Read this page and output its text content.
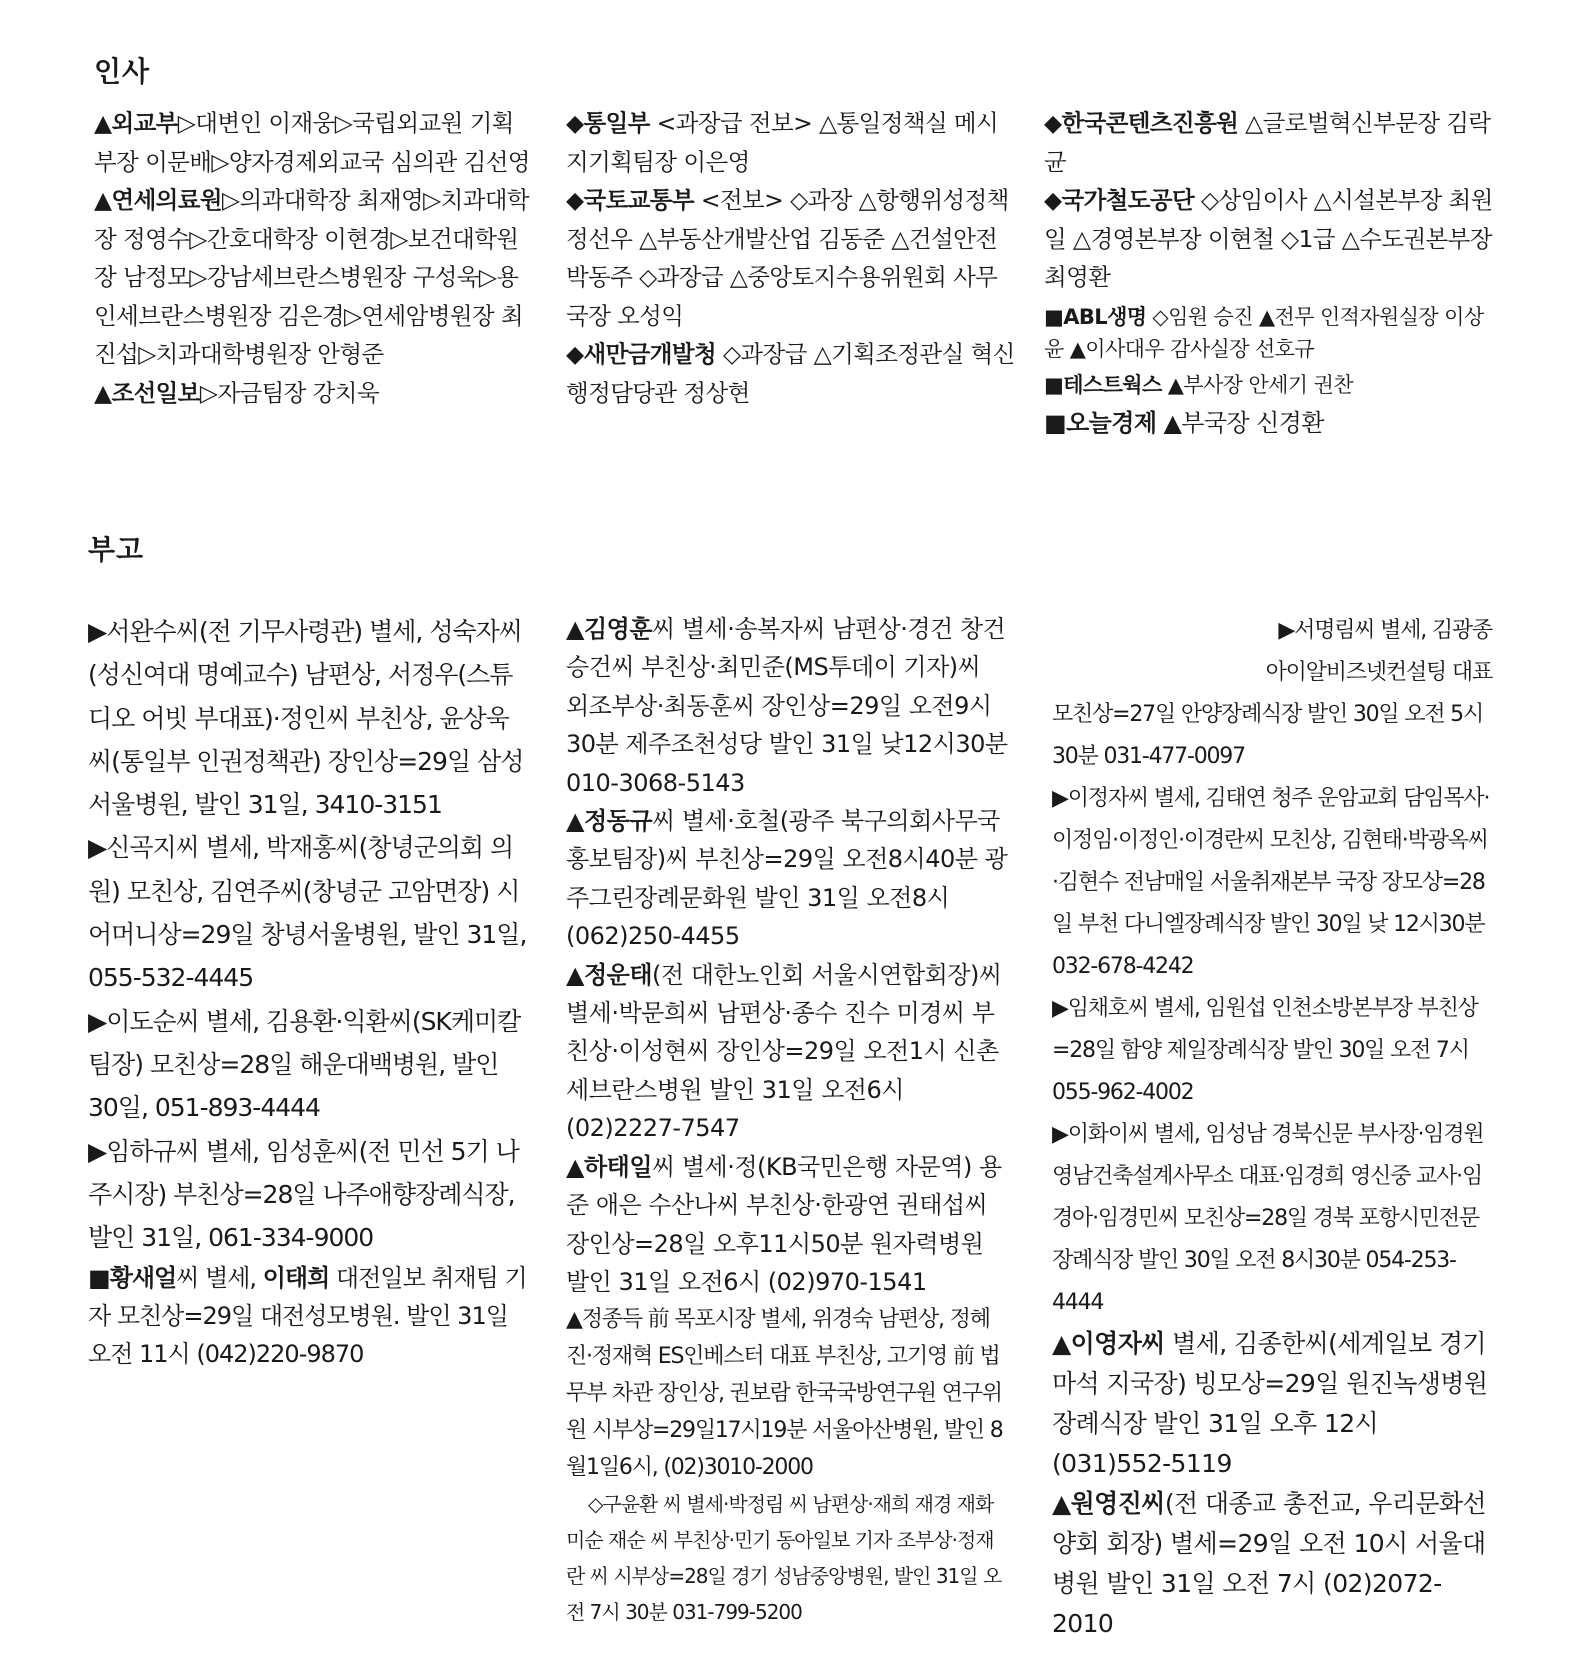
인사

▲외교부▷대변인 이재웅▷국립외교원 기획부장 이문배▷양자경제외교국 심의관 김선영

▲연세의료원▷의과대학장 최재영▷치과대학장 정영수▷간호대학장 이현경▷보건대학원장 남정모▷강남세브란스병원장 구성욱▷용인세브란스병원장 김은경▷연세암병원장 최진섭▷치과대학병원장 안형준

▲조선일보▷자금팀장 강치욱

◆통일부 <과장급 전보> △통일정책실 메시지기획팀장 이은영

◆국토교통부 <전보> ◇과장 △항행위성정책 정선우 △부동산개발산업 김동준 △건설안전 박동주 ◇과장급 △중앙토지수용위원회 사무국장 오성익

◆새만금개발청 ◇과장급 △기획조정관실 혁신행정담당관 정상현

◆한국콘텐츠진흥원 △글로벌혁신부문장 김락균

◆국가철도공단 ◇상임이사 △시설본부장 최원일 △경영본부장 이현철 ◇1급 △수도권본부장 최영환

■ABL생명 ◇임원 승진 ▲전무 인적자원실장 이상윤 ▲이사대우 감사실장 선호규

■테스트웍스 ▲부사장 안세기 권찬

■오늘경제 ▲부국장 신경환

부고

▶서완수씨(전 기무사령관) 별세, 성숙자씨(성신여대 명예교수) 남편상, 서정우(스튜디오 어빗 부대표)·정인씨 부친상, 윤상욱씨(통일부 인권정책관) 장인상=29일 삼성서울병원, 발인 31일, 3410-3151

▶신곡지씨 별세, 박재홍씨(창녕군의회 의원) 모친상, 김연주씨(창녕군 고암면장) 시어머니상=29일 창녕서울병원, 발인 31일, 055-532-4445

▶이도순씨 별세, 김용환·익환씨(SK케미칼 팀장) 모친상=28일 해운대백병원, 발인 30일, 051-893-4444

▶임하규씨 별세, 임성훈씨(전 민선 5기 나주시장) 부친상=28일 나주애향장례식장, 발인 31일, 061-334-9000

■황새얼씨 별세, 이태희 대전일보 취재팀 기자 모친상=29일 대전성모병원. 발인 31일 오전 11시 (042)220-9870

▲김영훈씨 별세·송복자씨 남편상·경건 창건 승건씨 부친상·최민준(MS투데이 기자)씨 외조부상·최동훈씨 장인상=29일 오전9시30분 제주조천성당 발인 31일 낮12시30분 010-3068-5143

▲정동규씨 별세·호철(광주 북구의회사무국 홍보팀장)씨 부친상=29일 오전8시40분 광주그린장례문화원 발인 31일 오전8시 (062)250-4455

▲정운태(전 대한노인회 서울시연합회장)씨 별세·박문희씨 남편상·종수 진수 미경씨 부친상·이성현씨 장인상=29일 오전1시 신촌세브란스병원 발인 31일 오전6시 (02)2227-7547

▲하태일씨 별세·정(KB국민은행 자문역) 용준 애은 수산나씨 부친상·한광연 권태섭씨 장인상=28일 오후11시50분 원자력병원 발인 31일 오전6시 (02)970-1541

▲정종득 前 목포시장 별세, 위경숙 남편상, 정혜진·정재혁 ES인베스터 대표 부친상, 고기영 前 법무부 차관 장인상, 권보람 한국국방연구원 연구위원 시부상=29일17시19분 서울아산병원, 발인 8월1일6시, (02)3010-2000

◇구윤환 씨 별세·박정림 씨 남편상·재희 재경 재화 미순 재순 씨 부친상·민기 동아일보 기자 조부상·정재란 씨 시부상=28일 경기 성남중앙병원, 발인 31일 오전 7시 30분 031-799-5200

▶서명림씨 별세, 김광종

아이알비즈넷컨설팅 대표

모친상=27일 안양장례식장 발인 30일 오전 5시30분 031-477-0097

▶이정자씨 별세, 김태연 청주 운암교회 담임목사·이정임·이정인·이경란씨 모친상, 김현태·박광옥씨·김현수 전남매일 서울취재본부 국장 장모상=28일 부천 다니엘장례식장 발인 30일 낮 12시30분 032-678-4242

▶임채호씨 별세, 임원섭 인천소방본부장 부친상=28일 함양 제일장례식장 발인 30일 오전 7시 055-962-4002

▶이화이씨 별세, 임성남 경북신문 부사장·임경원 영남건축설계사무소 대표·임경희 영신중 교사·임경아·임경민씨 모친상=28일 경북 포항시민전문장례식장 발인 30일 오전 8시30분 054-253-4444

▲이영자씨 별세, 김종한씨(세계일보 경기 마석 지국장) 빙모상=29일 원진녹생병원장례식장 발인 31일 오후 12시 (031)552-5119

▲원영진씨(전 대종교 총전교, 우리문화선양회 회장) 별세=29일 오전 10시 서울대병원 발인 31일 오전 7시 (02)2072-2010
